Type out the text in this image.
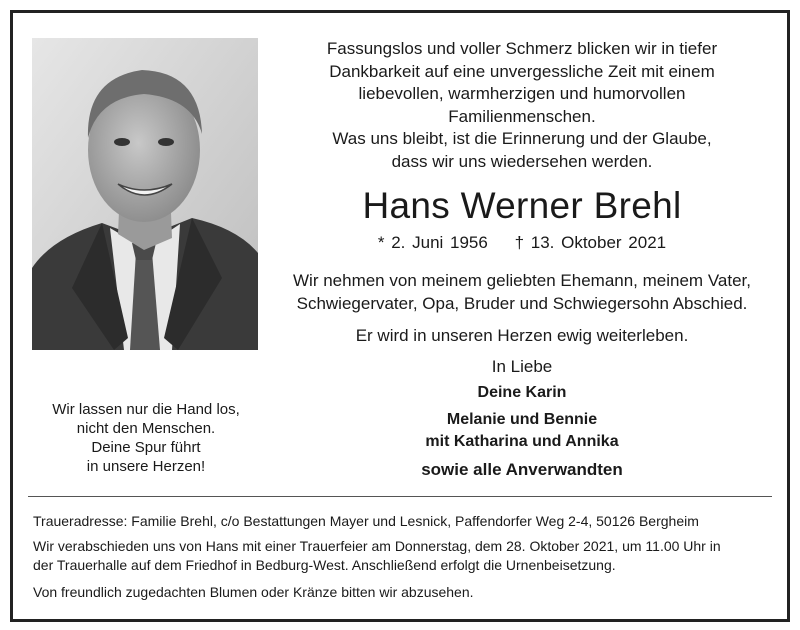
Wir lassen nur die Hand los,
nicht den Menschen.
Deine Spur führt
in unsere Herzen!
Fassungslos und voller Schmerz blicken wir in tiefer
Dankbarkeit auf eine unvergessliche Zeit mit einem
liebevollen, warmherzigen und humorvollen
Familienmenschen.
Was uns bleibt, ist die Erinnerung und der Glaube,
dass wir uns wiedersehen werden.
Hans Werner Brehl
* 2. Juni 1956 † 13. Oktober 2021
Wir nehmen von meinem geliebten Ehemann, meinem Vater,
Schwiegervater, Opa, Bruder und Schwiegersohn Abschied.
Er wird in unseren Herzen ewig weiterleben.
In Liebe
Deine Karin
Melanie und Bennie
mit Katharina und Annika
sowie alle Anverwandten
Traueradresse: Familie Brehl, c/o Bestattungen Mayer und Lesnick, Paffendorfer Weg 2-4, 50126 Bergheim
Wir verabschieden uns von Hans mit einer Trauerfeier am Donnerstag, dem 28. Oktober 2021, um 11.00 Uhr in
der Trauerhalle auf dem Friedhof in Bedburg-West. Anschließend erfolgt die Urnenbeisetzung.
Von freundlich zugedachten Blumen oder Kränze bitten wir abzusehen.
